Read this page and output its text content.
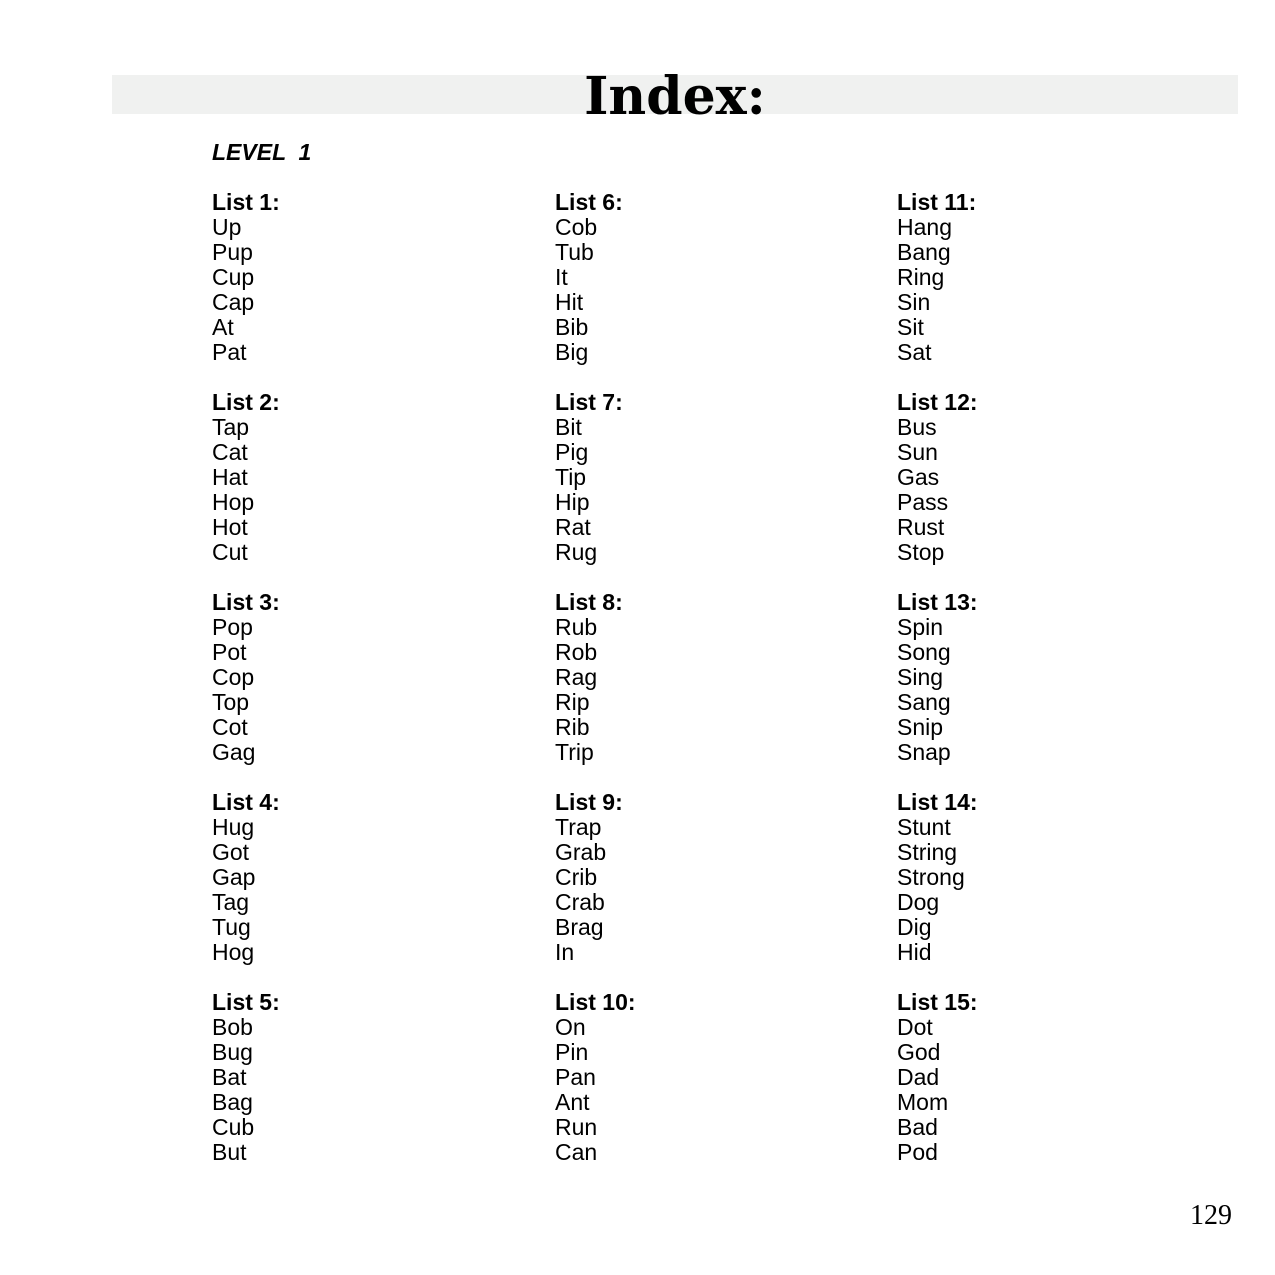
Index:
LEVEL  1
List 1:
Up
Pup
Cup
Cap
At
Pat
List 2:
Tap
Cat
Hat
Hop
Hot
Cut
List 3:
Pop
Pot
Cop
Top
Cot
Gag
List 4:
Hug
Got
Gap
Tag
Tug
Hog
List 5:
Bob
Bug
Bat
Bag
Cub
But
List 6:
Cob
Tub
It
Hit
Bib
Big
List 7:
Bit
Pig
Tip
Hip
Rat
Rug
List 8:
Rub
Rob
Rag
Rip
Rib
Trip
List 9:
Trap
Grab
Crib
Crab
Brag
In
List 10:
On
Pin
Pan
Ant
Run
Can
List 11:
Hang
Bang
Ring
Sin
Sit
Sat
List 12:
Bus
Sun
Gas
Pass
Rust
Stop
List 13:
Spin
Song
Sing
Sang
Snip
Snap
List 14:
Stunt
String
Strong
Dog
Dig
Hid
List 15:
Dot
God
Dad
Mom
Bad
Pod
129
